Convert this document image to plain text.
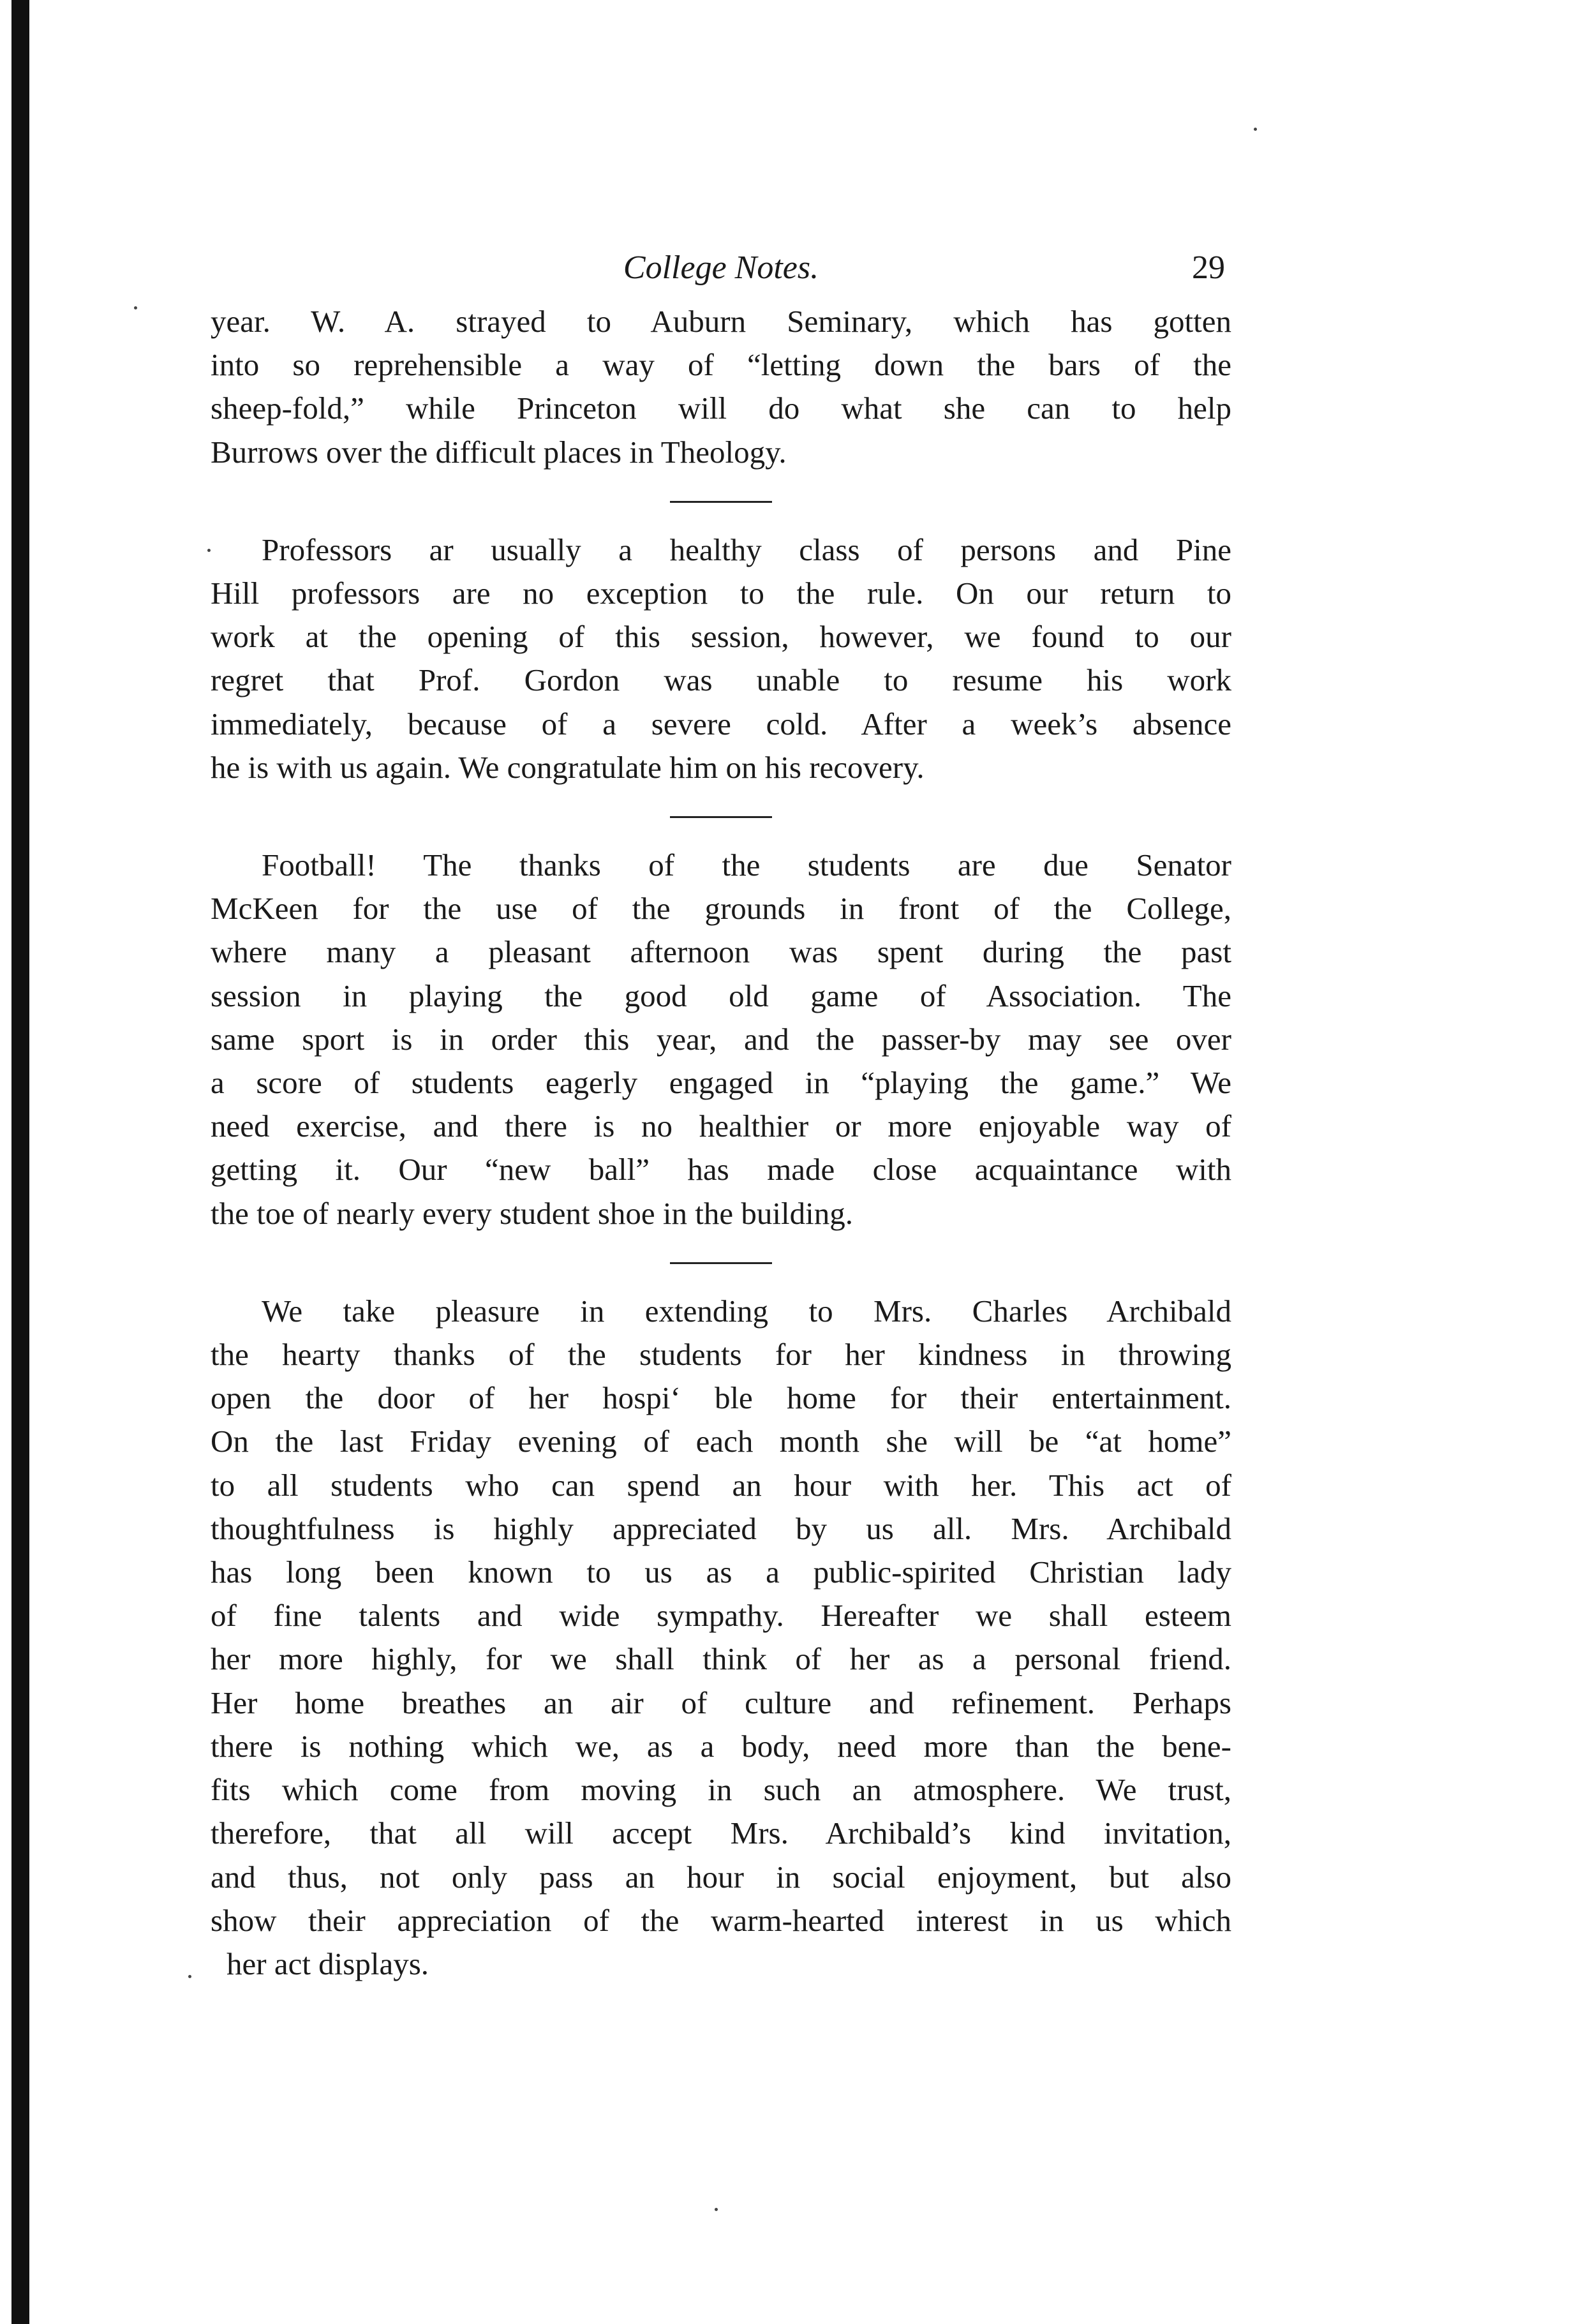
College Notes.	29

year. W. A. strayed to Auburn Seminary, which has gotten
into so reprehensible a way of “letting down the bars of the
sheep-fold,” while Princeton will do what she can to help
Burrows over the difficult places in Theology.

Professors ar usually a healthy class of persons and Pine
Hill professors are no exception to the rule. On our return to
work at the opening of this session, however, we found to our
regret that Prof. Gordon was unable to resume his work
immediately, because of a severe cold. After a week’s absence
he is with us again. We congratulate him on his recovery.

Football! The thanks of the students are due Senator
McKeen for the use of the grounds in front of the College,
where many a pleasant afternoon was spent during the past
session in playing the good old game of Association. The
same sport is in order this year, and the passer-by may see over
a score of students eagerly engaged in “playing the game.” We
need exercise, and there is no healthier or more enjoyable way of
getting it. Our “new ball” has made close acquaintance with
the toe of nearly every student shoe in the building.

We take pleasure in extending to Mrs. Charles Archibald
the hearty thanks of the students for her kindness in throwing
open the door of her hospi‘ ble home for their entertainment.
On the last Friday evening of each month she will be “at home”
to all students who can spend an hour with her. This act of
thoughtfulness is highly appreciated by us all. Mrs. Archibald
has long been known to us as a public-spirited Christian lady
of fine talents and wide sympathy. Hereafter we shall esteem
her more highly, for we shall think of her as a personal friend.
Her home breathes an air of culture and refinement. Perhaps
there is nothing which we, as a body, need more than the bene-
fits which come from moving in such an atmosphere. We trust,
therefore, that all will accept Mrs. Archibald’s kind invitation,
and thus, not only pass an hour in social enjoyment, but also
show their appreciation of the warm-hearted interest in us which
her act displays.
